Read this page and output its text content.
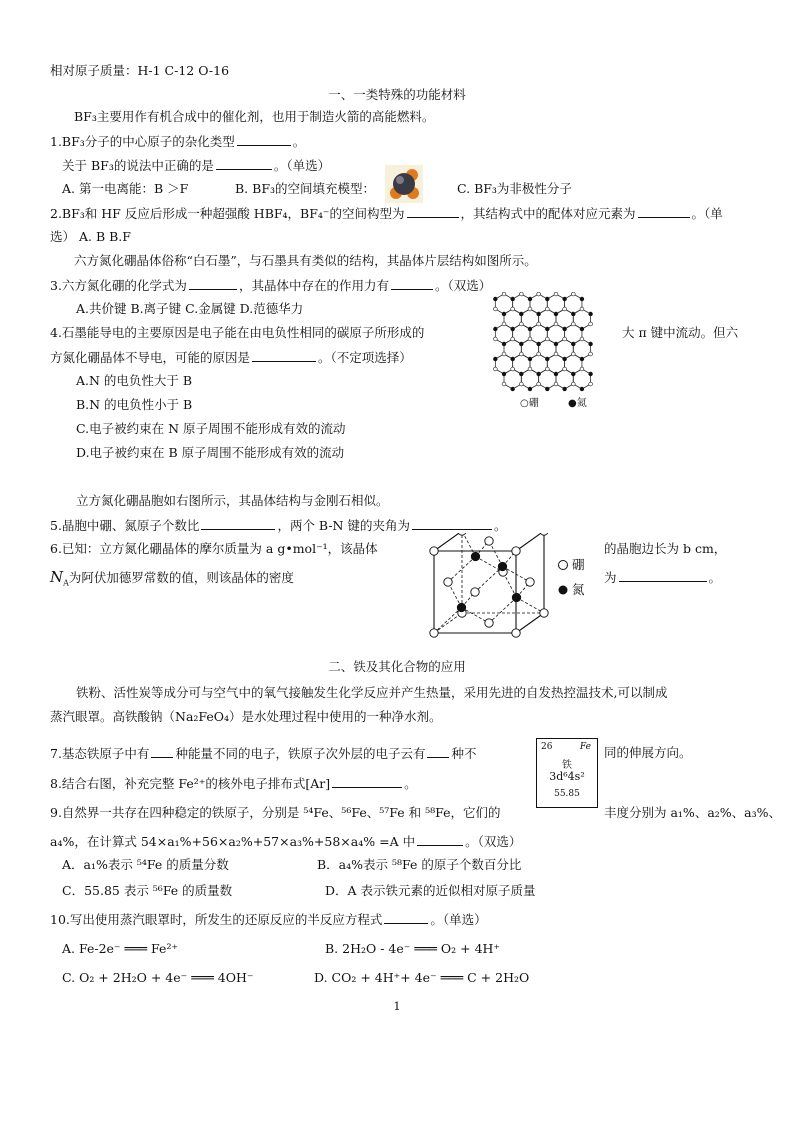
相对原子质量：H-1 C-12 O-16
一、一类特殊的功能材料
BF₃主要用作有机合成中的催化剂，也用于制造火箭的高能燃料。
1.BF₃分子的中心原子的杂化类型	。
关于 BF₃的说法中正确的是	。（单选）
A. 第一电离能：B ＞F	B. BF₃的空间填充模型：	C. BF₃为非极性分子
2.BF₃和 HF 反应后形成一种超强酸 HBF₄，BF₄⁻的空间构型为	，其结构式中的配体对应元素为	。（单
选） A. B B.F
六方氮化硼晶体俗称“白石墨”，与石墨具有类似的结构，其晶体片层结构如图所示。
3.六方氮化硼的化学式为	，其晶体中存在的作用力有	。（双选）
A.共价键 B.离子键 C.金属键 D.范德华力
4.石墨能导电的主要原因是电子能在由电负性相同的碳原子所形成的	大 π 键中流动。但六
方氮化硼晶体不导电，可能的原因是	。（不定项选择）
A.N 的电负性大于 B
B.N 的电负性小于 B
C.电子被约束在 N 原子周围不能形成有效的流动
D.电子被约束在 B 原子周围不能形成有效的流动
○硼	●氮
立方氮化硼晶胞如右图所示，其晶体结构与金刚石相似。
5.晶胞中硼、氮原子个数比	，两个 B-N 键的夹角为	。
6.已知：立方氮化硼晶体的摩尔质量为 a g•mol⁻¹，该晶体	的晶胞边长为 b cm，
$N_A$为阿伏加德罗常数的值，则该晶体的密度	为	。
硼
氮
二、铁及其化合物的应用
铁粉、活性炭等成分可与空气中的氧气接触发生化学反应并产生热量，采用先进的自发热控温技术,可以制成
蒸汽眼罩。高铁酸钠（Na₂FeO₄）是水处理过程中使用的一种净水剂。
7.基态铁原子中有 种能量不同的电子，铁原子次外层的电子云有 种不	同的伸展方向。
26	Fe
铁
3d⁶4s²
55.85
8.结合右图，补充完整 Fe²⁺的核外电子排布式[Ar]	。
9.自然界一共存在四种稳定的铁原子，分别是 ⁵⁴Fe、⁵⁶Fe、⁵⁷Fe 和 ⁵⁸Fe，它们的	丰度分别为 a₁%、a₂%、a₃%、
a₄%，在计算式 54×a₁%+56×a₂%+57×a₃%+58×a₄% =A 中	。（双选）
A．a₁%表示 ⁵⁴Fe 的质量分数	B．a₄%表示 ⁵⁸Fe 的原子个数百分比
C．55.85 表示 ⁵⁶Fe 的质量数	D．A 表示铁元素的近似相对原子质量
10.写出使用蒸汽眼罩时，所发生的还原反应的半反应方程式	。（单选）
A. Fe-2e⁻ ═══ Fe²⁺	B. 2H₂O - 4e⁻ ═══ O₂ + 4H⁺
C. O₂ + 2H₂O + 4e⁻ ═══ 4OH⁻	D. CO₂ + 4H⁺+ 4e⁻ ═══ C + 2H₂O
1
